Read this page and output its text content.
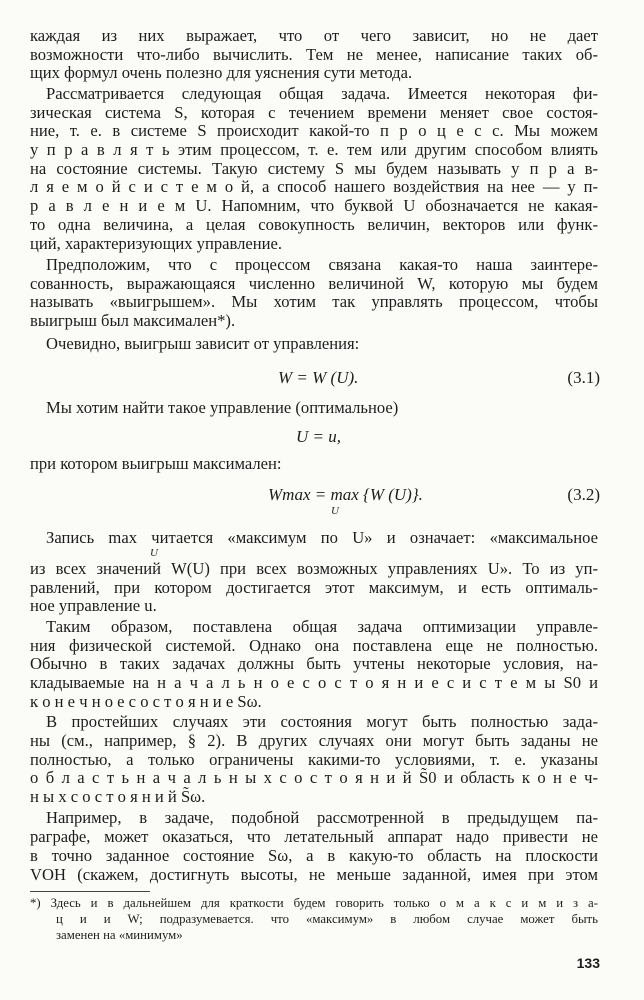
каждая из них выражает, что от чего зависит, но не дает
возможности что-либо вычислить. Тем не менее, написание таких об-
щих формул очень полезно для уяснения сути метода.
Рассматривается следующая общая задача. Имеется некоторая фи-
зическая система S, которая с течением времени меняет свое состоя-
ние, т. е. в системе S происходит какой-то п р о ц е с с. Мы можем
у п р а в л я т ь этим процессом, т. е. тем или другим способом влиять
на состояние системы. Такую систему S мы будем называть у п р а в-
л я е м о й с и с т е м о й, а способ нашего воздействия на нее — у п-
р а в л е н и е м U. Напомним, что буквой U обозначается не какая-
то одна величина, а целая совокупность величин, векторов или функ-
ций, характеризующих управление.
Предположим, что с процессом связана какая-то наша заинтере-
сованность, выражающаяся численно величиной W, которую мы будем
называть «выигрышем». Мы хотим так управлять процессом, чтобы
выигрыш был максимален*).
Очевидно, выигрыш зависит от управления:
W = W (U).	(3.1)
Мы хотим найти такое управление (оптимальное)
U = u,
при котором выигрыш максимален:
Wmax = max {W (U)}.
U
(3.2)
Запись max читается «максимум по U» и означает: «максимальное
U
из всех значений W(U) при всех возможных управлениях U». То из уп-
равлений, при котором достигается этот максимум, и есть оптималь-
ное управление u.
Таким образом, поставлена общая задача оптимизации управле-
ния физической системой. Однако она поставлена еще не полностью.
Обычно в таких задачах должны быть учтены некоторые условия, на-
кладываемые на н а ч а л ь н о е с о с т о я н и е с и с т е м ы S0 и
к о н е ч н о е с о с т о я н и е Sω.
В простейших случаях эти состояния могут быть полностью зада-
ны (см., например, § 2). В других случаях они могут быть заданы не
полностью, а только ограничены какими-то условиями, т. е. указаны
о б л а с т ь н а ч а л ь н ы х с о с т о я н и й S̃0 и область к о н е ч-
н ы х с о с т о я н и й S̃ω.
133
Например, в задаче, подобной рассмотренной в предыдущем па-
раграфе, может оказаться, что летательный аппарат надо привести не
в точно заданное состояние Sω, а в какую-то область на плоскости
VOH (скажем, достигнуть высоты, не меньше заданной, имея при этом
*) Здесь и в дальнейшем для краткости будем говорить только о м а к с и м и з а-
ц и и W; подразумевается. что «максимум» в любом случае может быть
заменен на «минимум»
